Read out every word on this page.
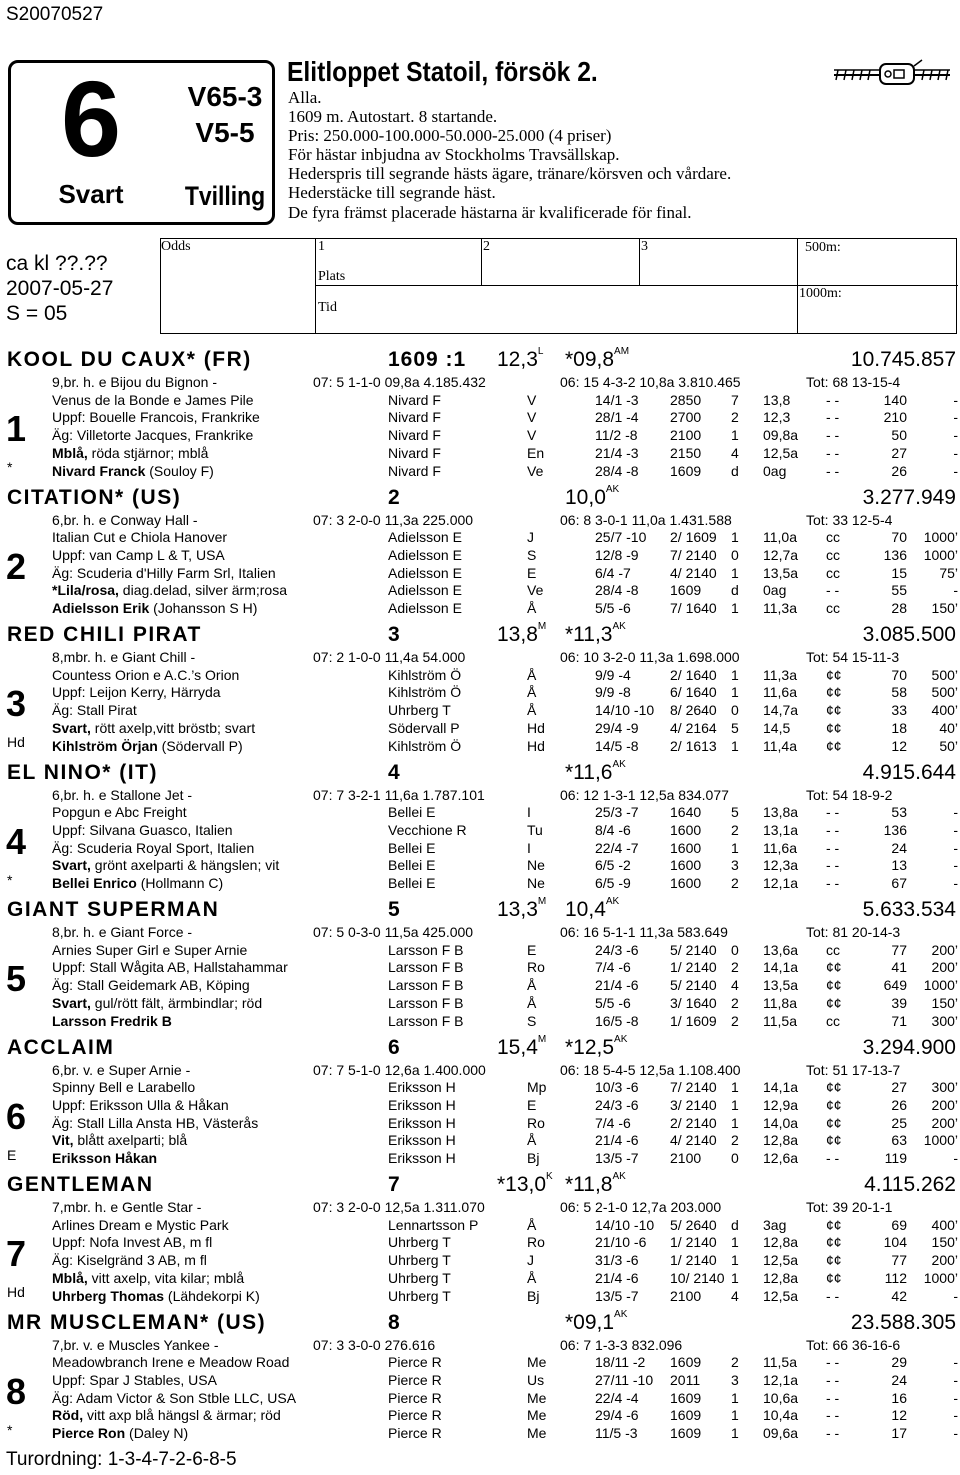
S20070527
6
Svart
V65-3
V5-5
Tvilling
Elitloppet Statoil, försök 2.
Alla.
1609 m. Autostart. 8 startande.
Pris: 250.000-100.000-50.000-25.000 (4 priser)
För hästar inbjudna av Stockholms Travsällskap.
Hederspris till segrande hästs ägare, tränare/körsven och vårdare.
Hederstäcke till segrande häst.
De fyra främst placerade hästarna är kvalificerade för final.
ca kl ??.??
2007-05-27
S = 05
Odds	1	2	3
Plats
Tid
500m:
1000m:
KOOL DU CAUX* (FR)	1609 :1 $12,3^L$ $*09,8^{AM}$	10.745.857
1
*
9,br. h. e Bijou du Bignon -
Venus de la Bonde e James Pile
Uppf: Bouelle Francois, Frankrike
Äg: Villetorte Jacques, Frankrike
Mblå, röda stjärnor; mblå
Nivard Franck (Souloy F)
07: 5 1-1-0 09,8a 4.185.432	06: 15 4-3-2 10,8a 3.810.465	Tot: 68 13-15-4
Nivard F	V	14/1 -3 2850 7 13,8	- -	140	-
Nivard F	V	28/1 -4 2700 2 12,3	- -	210	-
Nivard F	V	11/2 -8 2100 1 09,8a - -	50	-
Nivard F	En	21/4 -3 2150 4 12,5a - -	27	-
Nivard F	Ve	28/4 -8 1609 d 0ag	- -	26	-
CITATION* (US)	2	$10,0^{AK}$	3.277.949
2
6,br. h. e Conway Hall -
Italian Cut e Chiola Hanover
Uppf: van Camp L & T, USA
Äg: Scuderia d'Hilly Farm Srl, Italien
*Lila/rosa, diag.delad, silver ärm;rosa
Adielsson Erik (Johansson S H)
07: 3 2-0-0 11,3a 225.000	06: 8 3-0-1 11,0a 1.431.588	Tot: 33 12-5-4
Adielsson E	J	25/7 -10 2/ 1609 1 11,0a cc	70	1000’
Adielsson E	S	12/8 -9 7/ 2140 0 12,7a cc	136	1000’
Adielsson E	E	6/4 -7	4/ 2140 1 13,5a cc	15	75’
Adielsson E	Ve	28/4 -8 1609 d 0ag	- -	55	-
Adielsson E	Å	5/5 -6	7/ 1640 1 11,3a cc	28	150’
RED CHILI PIRAT	3	$13,8^M$ $*11,3^{AK}$	3.085.500
3
Hd
8,mbr. h. e Giant Chill -
Countess Orion e A.C.’s Orion
Uppf: Leijon Kerry, Härryda
Äg: Stall Pirat
Svart, rött axelp,vitt bröstb; svart
Kihlström Örjan (Södervall P)
07: 2 1-0-0 11,4a 54.000	06: 10 3-2-0 11,3a 1.698.000	Tot: 54 15-11-3
Kihlström Ö	Å	9/9 -4	2/ 1640 1 11,3a ¢¢	70	500’
Kihlström Ö	Å	9/9 -8	6/ 1640 1 11,6a ¢¢	58	500’
Uhrberg T	Å	14/10 -10 8/ 2640 0 14,7a ¢¢	33	400’
Södervall P	Hd	29/4 -9 4/ 2164 5 14,5	¢¢	18	40’
Kihlström Ö	Hd	14/5 -8 2/ 1613 1 11,4a ¢¢	12	50’
EL NINO* (IT)	4	$*11,6^{AK}$	4.915.644
4
*
6,br. h. e Stallone Jet -
Popgun e Abc Freight
Uppf: Silvana Guasco, Italien
Äg: Scuderia Royal Sport, Italien
Svart, grönt axelparti & hängslen; vit
Bellei Enrico (Hollmann C)
07: 7 3-2-1 11,6a 1.787.101	06: 12 1-3-1 12,5a 834.077	Tot: 54 18-9-2
Bellei E	I	25/3 -7 1640 5 13,8a - -	53	-
Vecchione R	Tu	8/4 -6	1600 2 13,1a - -	136	-
Bellei E	I	22/4 -7 1600 1 11,6a - -	24	-
Bellei E	Ne	6/5 -2	1600 3 12,3a - -	13	-
Bellei E	Ne	6/5 -9	1600 2 12,1a - -	67	-
GIANT SUPERMAN	5	$13,3^M$ $10,4^{AK}$	5.633.534
5
8,br. h. e Giant Force -
Arnies Super Girl e Super Arnie
Uppf: Stall Wågita AB, Hallstahammar
Äg: Stall Geidemark AB, Köping
Svart, gul/rött fält, ärmbindlar; röd
Larsson Fredrik B
07: 5 0-3-0 11,5a 425.000	06: 16 5-1-1 11,3a 583.649	Tot: 81 20-14-3
Larsson F B	E	24/3 -6 5/ 2140 0 13,6a cc	77	200’
Larsson F B	Ro	7/4 -6	1/ 2140 2 14,1a ¢¢	41	200’
Larsson F B	Å	21/4 -6 5/ 2140 4 13,5a ¢¢	649	1000’
Larsson F B	Å	5/5 -6	3/ 1640 2 11,8a ¢¢	39	150’
Larsson F B	S	16/5 -8 1/ 1609 2 11,5a cc	71	300’
ACCLAIM	6	$15,4^M$ $*12,5^{AK}$	3.294.900
6
E
6,br. v. e Super Arnie -
Spinny Bell e Larabello
Uppf: Eriksson Ulla & Håkan
Äg: Stall Lilla Ansta HB, Västerås
Vit, blått axelparti; blå
Eriksson Håkan
07: 7 5-1-0 12,6a 1.400.000	06: 18 5-4-5 12,5a 1.108.400	Tot: 51 17-13-7
Eriksson H	Mp	10/3 -6 7/ 2140 1 14,1a ¢¢	27	300’
Eriksson H	E	24/3 -6 3/ 2140 1 12,9a ¢¢	26	200’
Eriksson H	Ro	7/4 -6	2/ 2140 1 14,0a ¢¢	25	200’
Eriksson H	Å	21/4 -6 4/ 2140 2 12,8a ¢¢	63	1000’
Eriksson H	Bj	13/5 -7 2100 0 12,6a - -	119	-
GENTLEMAN	7	$*13,0^K$ $*11,8^{AK}$	4.115.262
7
Hd
7,mbr. h. e Gentle Star -
Arlines Dream e Mystic Park
Uppf: Nofa Invest AB, m fl
Äg: Kiselgränd 3 AB, m fl
Mblå, vitt axelp, vita kilar; mblå
Uhrberg Thomas (Lähdekorpi K)
07: 3 2-0-0 12,5a 1.311.070	06: 5 2-1-0 12,7a 203.000	Tot: 39 20-1-1
Lennartsson P	Å	14/10 -10 5/ 2640 d 3ag	¢¢	69	400’
Uhrberg T	Ro	21/10 -6 1/ 2140 1 12,8a ¢¢	104	150’
Uhrberg T	J	31/3 -6 1/ 2140 1 12,5a ¢¢	77	200’
Uhrberg T	Å	21/4 -6 10/ 2140 1 12,8a ¢¢	112	1000’
Uhrberg T	Bj	13/5 -7 2100 4 12,5a - -	42	-
MR MUSCLEMAN* (US)	8	$*09,1^{AK}$	23.588.305
8
*
7,br. v. e Muscles Yankee -
Meadowbranch Irene e Meadow Road
Uppf: Spar J Stables, USA
Äg: Adam Victor & Son Stble LLC, USA
Röd, vitt axp blå hängsl & ärmar; röd
Pierce Ron (Daley N)
07: 3 3-0-0 276.616	06: 7 1-3-3 832.096	Tot: 66 36-16-6
Pierce R	Me	18/11 -2 1609 2 11,5a - -	29	-
Pierce R	Us	27/11 -10 2011 3 12,1a - -	24	-
Pierce R	Me	22/4 -4 1609 1 10,6a - -	16	-
Pierce R	Me	29/4 -6 1609 1 10,4a - -	12	-
Pierce R	Me	11/5 -3 1609 1 09,6a - -	17	-
Turordning: 1-3-4-7-2-6-8-5
